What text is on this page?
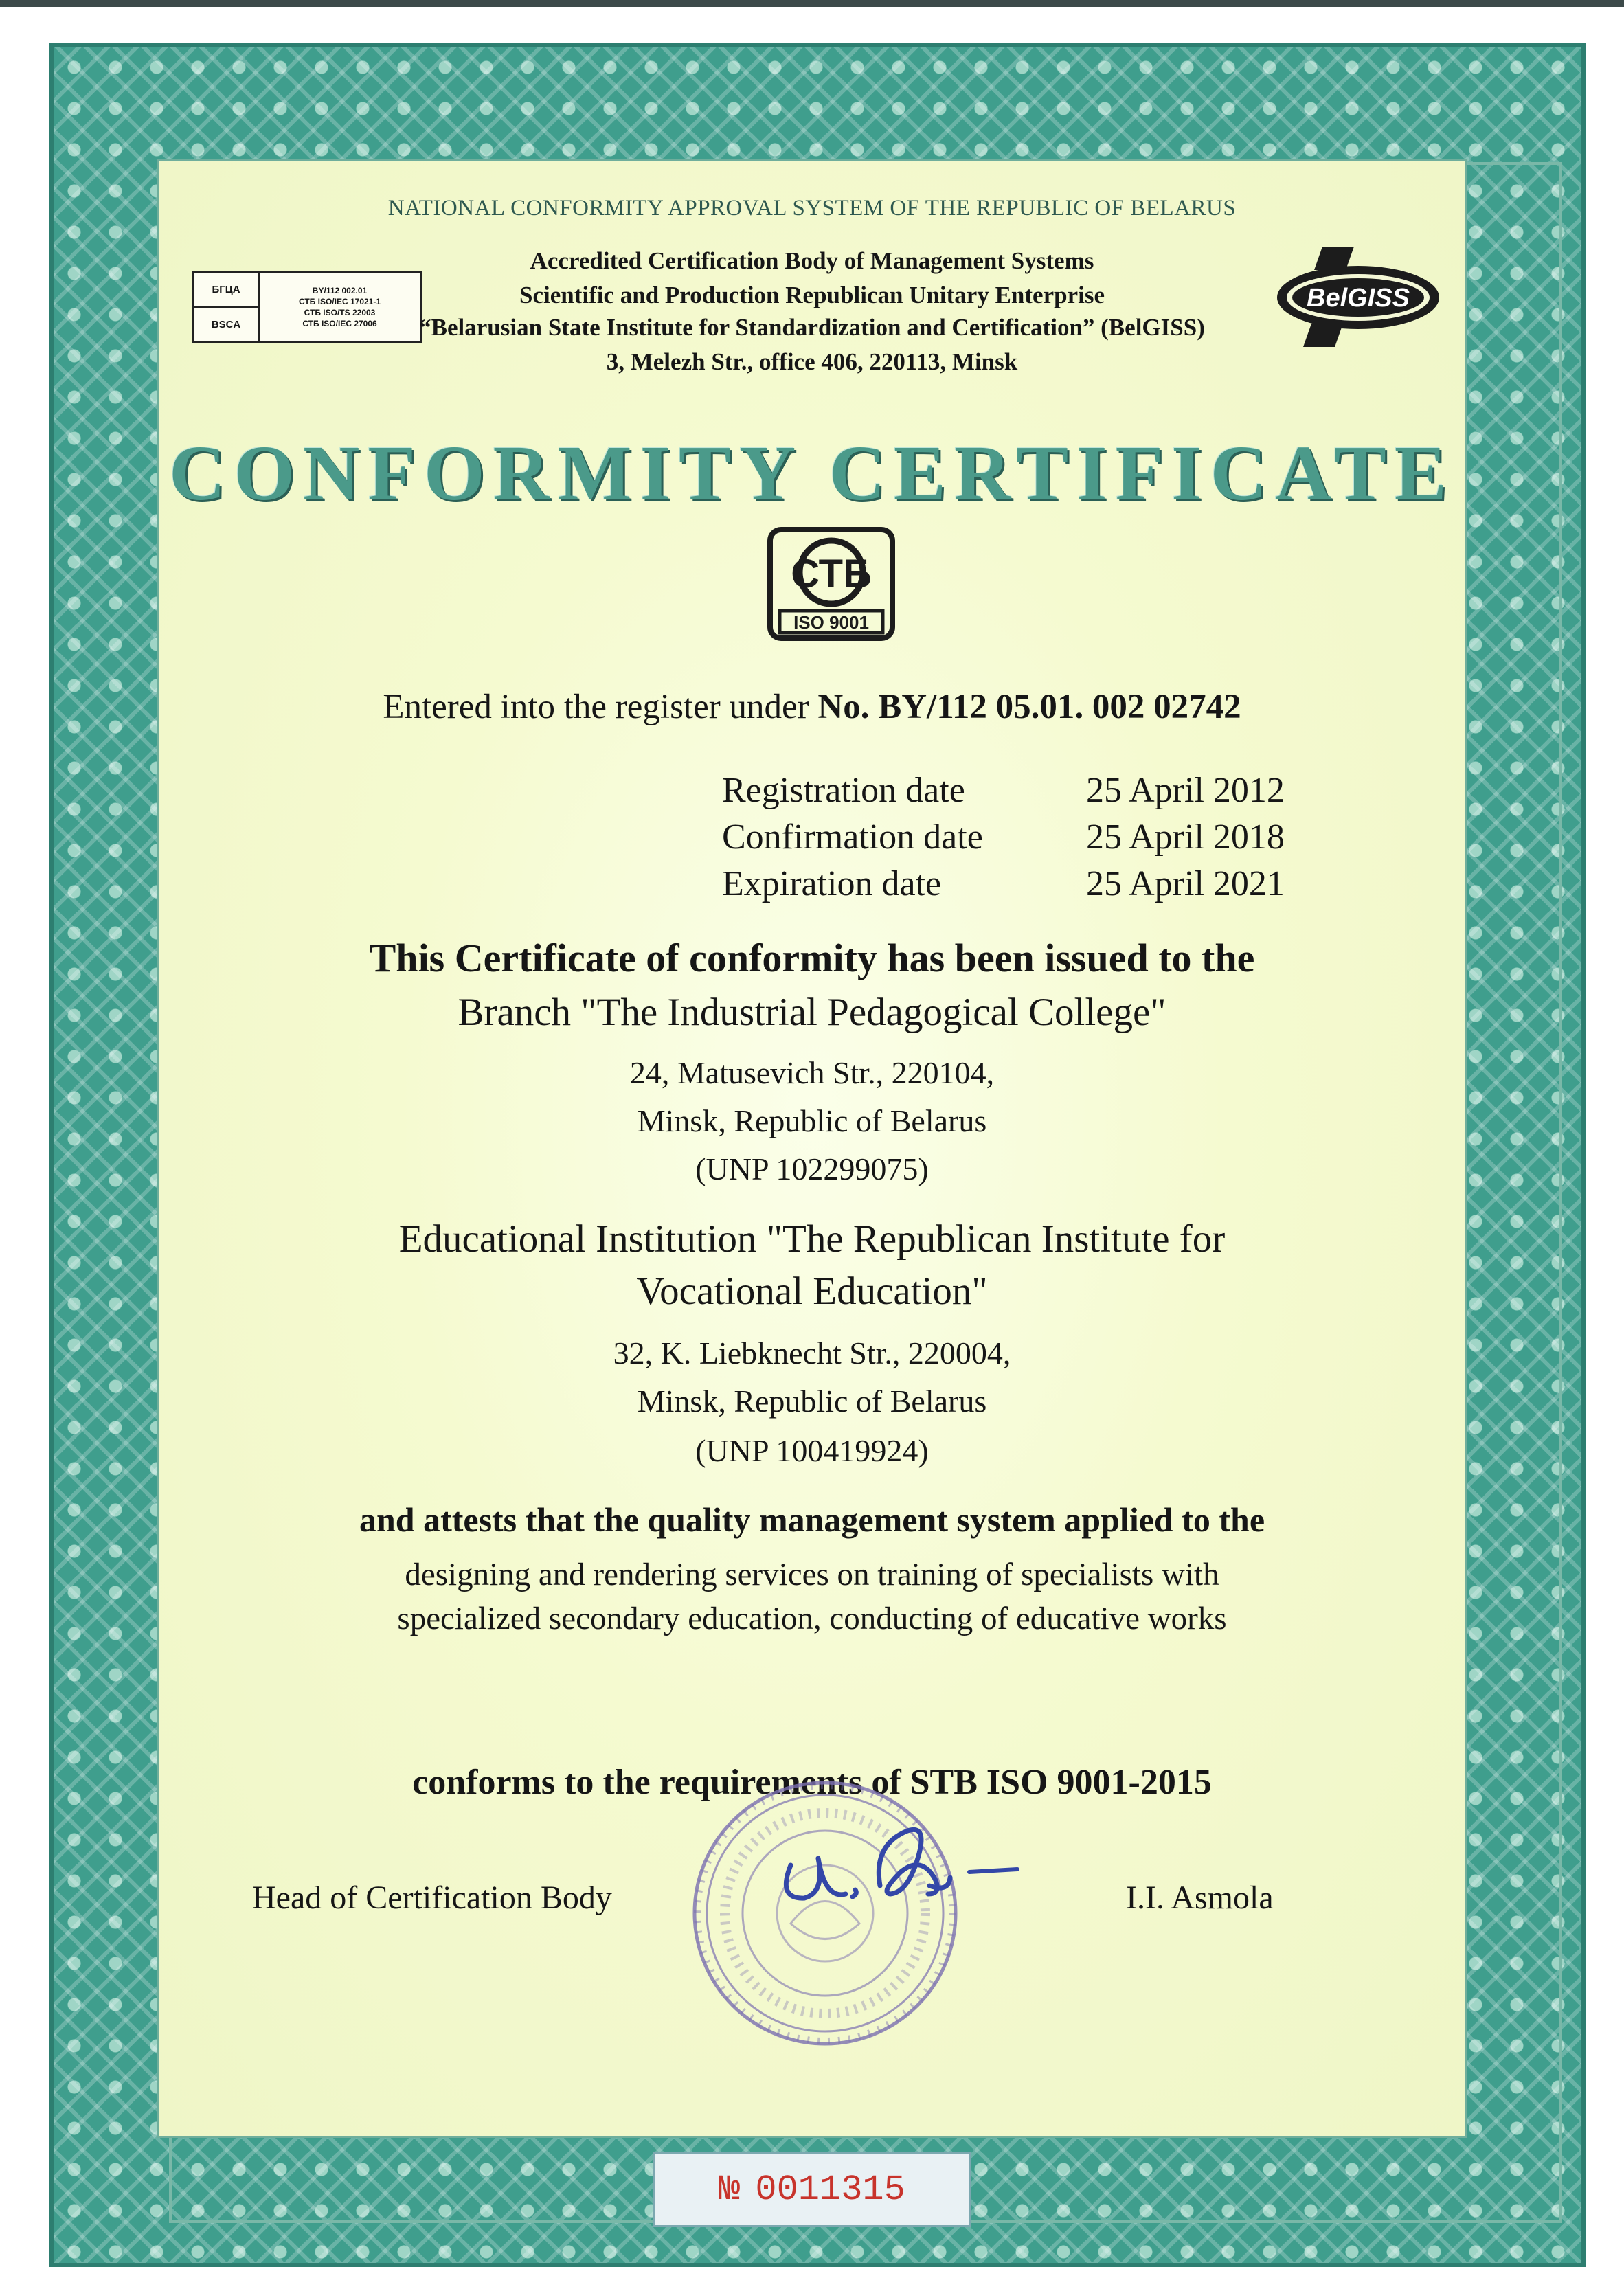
NATIONAL CONFORMITY APPROVAL SYSTEM OF THE REPUBLIC OF BELARUS

БГЦА
BSCA
BY/112 002.01
СТБ ISO/IEC 17021-1
СТБ ISO/TS 22003
СТБ ISO/IEC 27006

Accredited Certification Body of Management Systems

Scientific and Production Republican Unitary Enterprise

“Belarusian State Institute for Standardization and Certification” (BelGISS)

3, Melezh Str., office 406, 220113, Minsk

BelGISS

CONFORMITY CERTIFICATE

СТБ
ISO 9001

Entered into the register under No. BY/112 05.01. 002 02742

Registration date	25 April 2012
Confirmation date	25 April 2018
Expiration date	25 April 2021

This Certificate of conformity has been issued to the

Branch "The Industrial Pedagogical College"

24, Matusevich Str., 220104,

Minsk, Republic of Belarus

(UNP 102299075)

Educational Institution "The Republican Institute for

Vocational Education"

32, K. Liebknecht Str., 220004,

Minsk, Republic of Belarus

(UNP 100419924)

and attests that the quality management system applied to the

designing and rendering services on training of specialists with

specialized secondary education, conducting of educative works

conforms to the requirements of STB ISO 9001-2015

Head of Certification Body	I.I. Asmola

№ 0011315
